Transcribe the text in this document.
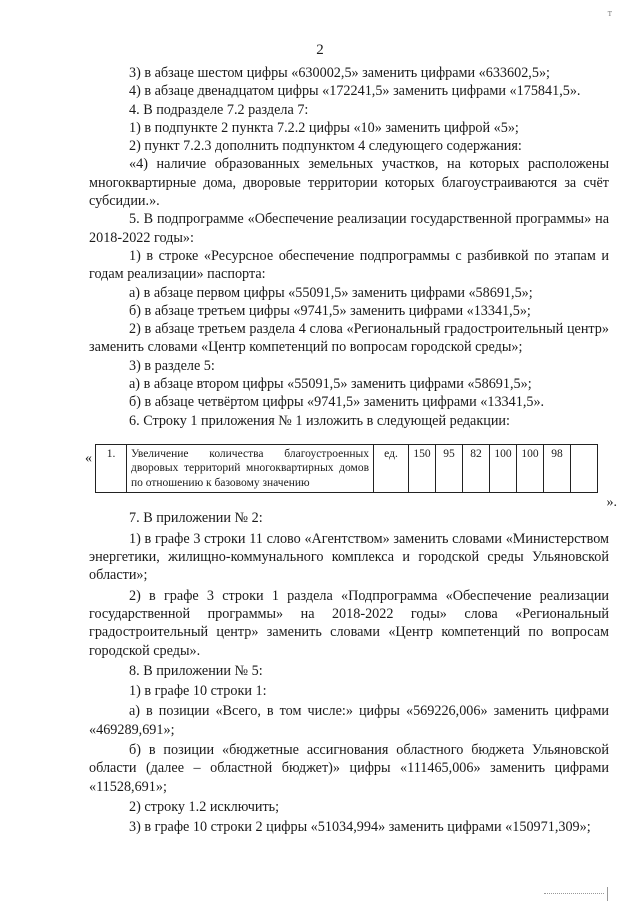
т
2

3) в абзаце шестом цифры «630002,5» заменить цифрами «633602,5»;

4) в абзаце двенадцатом цифры «172241,5» заменить цифрами «175841,5».

4. В подразделе 7.2 раздела 7:

1) в подпункте 2 пункта 7.2.2 цифры «10» заменить цифрой «5»;

2) пункт 7.2.3 дополнить подпунктом 4 следующего содержания:

«4) наличие образованных земельных участков, на которых расположены многоквартирные дома, дворовые территории которых благоустраиваются за счёт субсидии.».

5. В подпрограмме «Обеспечение реализации государственной программы» на 2018-2022 годы»:

1) в строке «Ресурсное обеспечение подпрограммы с разбивкой по этапам и годам реализации» паспорта:

а) в абзаце первом цифры «55091,5» заменить цифрами «58691,5»;

б) в абзаце третьем цифры «9741,5» заменить цифрами «13341,5»;

2) в абзаце третьем раздела 4 слова «Региональный градостроительный центр» заменить словами «Центр компетенций по вопросам городской среды»;

3) в разделе 5:

а) в абзаце втором цифры «55091,5» заменить цифрами «58691,5»;

б) в абзаце четвёртом цифры «9741,5» заменить цифрами «13341,5».

6. Строку 1 приложения № 1 изложить в следующей редакции:

« 1.	Увеличение количества благоустроенных дворовых территорий многоквартирных домов по отношению к базовому значению	ед.	150	95	82	100	100	98	
».

7. В приложении № 2:

1) в графе 3 строки 11 слово «Агентством» заменить словами «Министерством энергетики, жилищно-коммунального комплекса и городской среды Ульяновской области»;

2) в графе 3 строки 1 раздела «Подпрограмма «Обеспечение реализации государственной программы» на 2018-2022 годы» слова «Региональный градостроительный центр» заменить словами «Центр компетенций по вопросам городской среды».

8. В приложении № 5:

1) в графе 10 строки 1:

а) в позиции «Всего, в том числе:» цифры «569226,006» заменить цифрами «469289,691»;

б) в позиции «бюджетные ассигнования областного бюджета Ульяновской области (далее – областной бюджет)» цифры «111465,006» заменить цифрами «11528,691»;

2) строку 1.2 исключить;

3) в графе 10 строки 2 цифры «51034,994» заменить цифрами «150971,309»;
